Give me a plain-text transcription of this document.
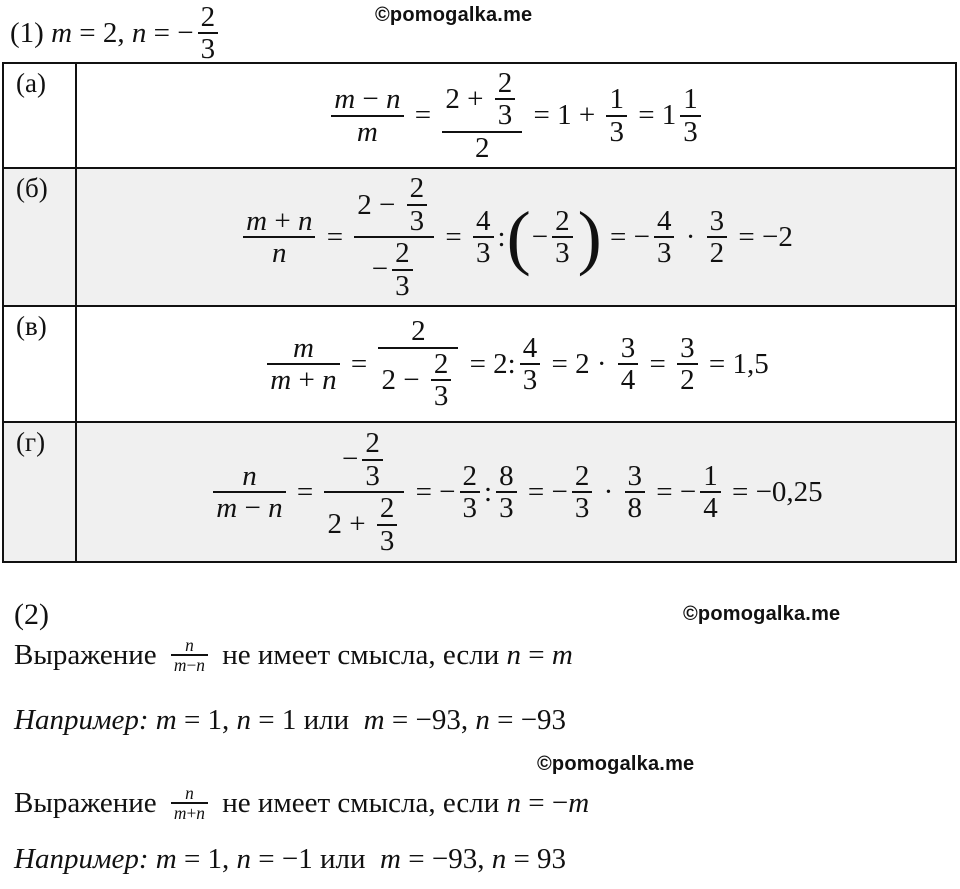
(1) m = 2, n = − $\frac{2}{3}$	©pomogalka.me
(а)
$\frac{m - n}{m} = \frac{2 + \frac{2}{3}}{2} = 1 + \frac{1}{3} = 1 \frac{1}{3}$
(б)
$\frac{m + n}{n} = \frac{2 - \frac{2}{3}}{- \frac{2}{3}} = \frac{4}{3}$ : ( − $\frac{2}{3}$ ) = − $\frac{4}{3} \cdot \frac{3}{2} = -2$
(в)
$\frac{m}{m + n} = \frac{2}{2 - \frac{2}{3}} = 2$: $\frac{4}{3} = 2 \cdot \frac{3}{4} = \frac{3}{2} = 1,5$
(г)
$\frac{n}{m - n} = \frac{- \frac{2}{3}}{2 + \frac{2}{3}}$ = − $\frac{2}{3}$ : $\frac{8}{3}$ = − $\frac{2}{3} \cdot \frac{3}{8}$ = − $\frac{1}{4} = -0,25$
(2)	©pomogalka.me
Выражение $\frac{n}{m - n}$ не имеет смысла, если n = m
Например: m = 1, n = 1 или m = −93, n = −93
©pomogalka.me
Выражение $\frac{n}{m + n}$ не имеет смысла, если n = − m
Например: m = 1, n = −1 или m = −93, n = 93
